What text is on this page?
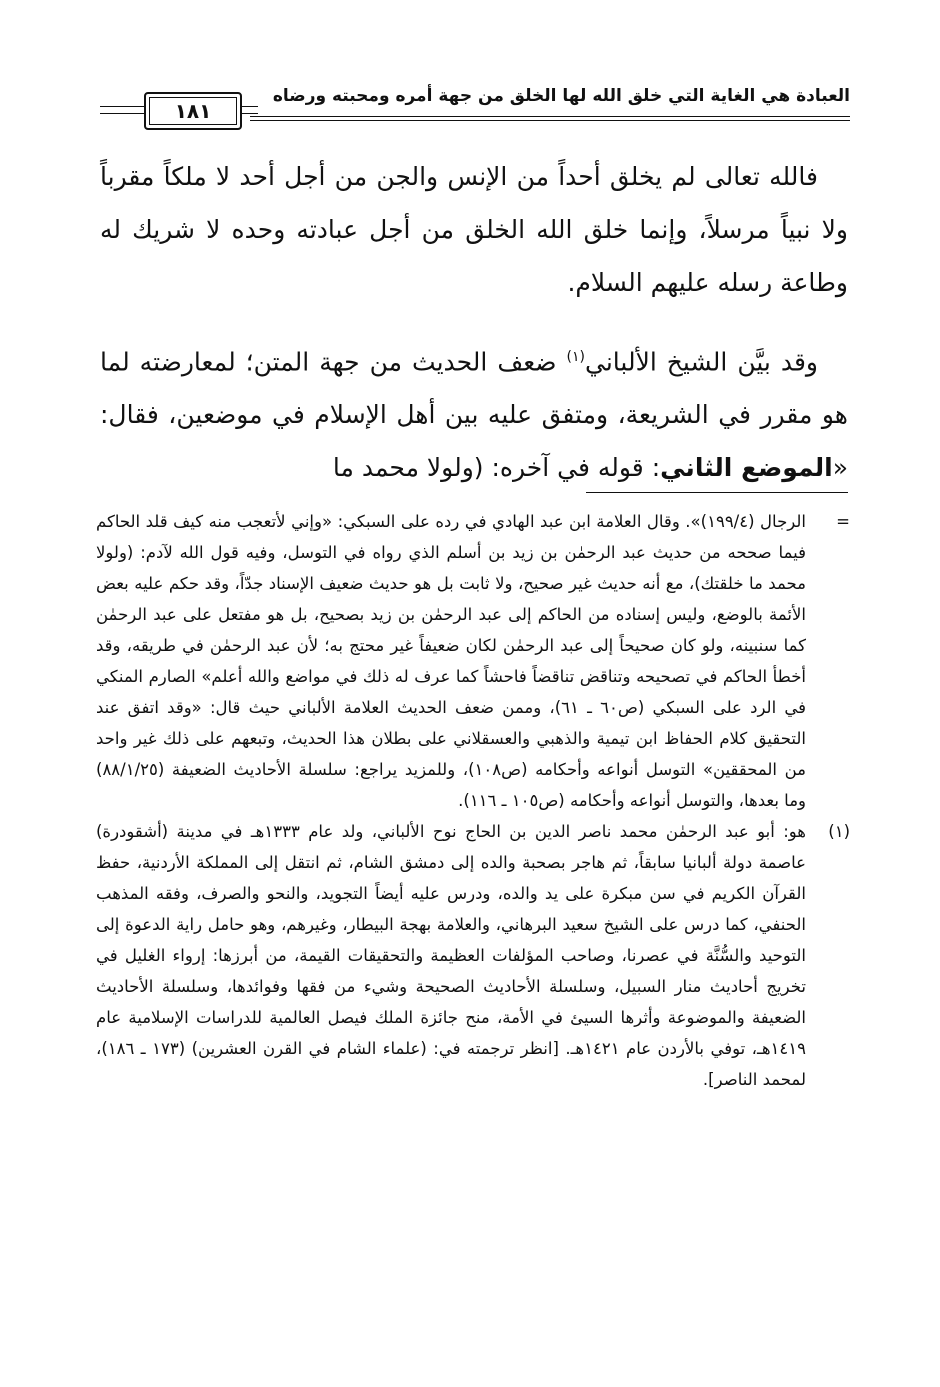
١٨١
العبادة هي الغاية التي خلق الله لها الخلق من جهة أمره ومحبته ورضاه

فالله تعالى لم يخلق أحداً من الإنس والجن من أجل أحد لا ملكاً مقرباً ولا نبياً مرسلاً، وإنما خلق الله الخلق من أجل عبادته وحده لا شريك له وطاعة رسله عليهم السلام.

وقد بيَّن الشيخ الألباني$^{(١)}$ ضعف الحديث من جهة المتن؛ لمعارضته لما هو مقرر في الشريعة، ومتفق عليه بين أهل الإسلام في موضعين، فقال: «الموضع الثاني: قوله في آخره: (ولولا محمد ما

=
الرجال (١٩٩/٤)». وقال العلامة ابن عبد الهادي في رده على السبكي: «وإني لأتعجب منه كيف قلد الحاكم فيما صححه من حديث عبد الرحمٰن بن زيد بن أسلم الذي رواه في التوسل، وفيه قول الله لآدم: (ولولا محمد ما خلقتك)، مع أنه حديث غير صحيح، ولا ثابت بل هو حديث ضعيف الإسناد جدّاً، وقد حكم عليه بعض الأئمة بالوضع، وليس إسناده من الحاكم إلى عبد الرحمٰن بن زيد بصحيح، بل هو مفتعل على عبد الرحمٰن كما سنبينه، ولو كان صحيحاً إلى عبد الرحمٰن لكان ضعيفاً غير محتج به؛ لأن عبد الرحمٰن في طريقه، وقد أخطأ الحاكم في تصحيحه وتناقض تناقضاً فاحشاً كما عرف له ذلك في مواضع والله أعلم» الصارم المنكي في الرد على السبكي (ص٦٠ ـ ٦١)، وممن ضعف الحديث العلامة الألباني حيث قال: «وقد اتفق عند التحقيق كلام الحفاظ ابن تيمية والذهبي والعسقلاني على بطلان هذا الحديث، وتبعهم على ذلك غير واحد من المحققين» التوسل أنواعه وأحكامه (ص١٠٨)، وللمزيد يراجع: سلسلة الأحاديث الضعيفة (٨٨/١/٢٥) وما بعدها، والتوسل أنواعه وأحكامه (ص١٠٥ ـ ١١٦).
(١)
هو: أبو عبد الرحمٰن محمد ناصر الدين بن الحاج نوح الألباني، ولد عام ١٣٣٣هـ في مدينة (أشقودرة) عاصمة دولة ألبانيا سابقاً، ثم هاجر بصحبة والده إلى دمشق الشام، ثم انتقل إلى المملكة الأردنية، حفظ القرآن الكريم في سن مبكرة على يد والده، ودرس عليه أيضاً التجويد، والنحو والصرف، وفقه المذهب الحنفي، كما درس على الشيخ سعيد البرهاني، والعلامة بهجة البيطار، وغيرهم، وهو حامل راية الدعوة إلى التوحيد والسُّنَّة في عصرنا، وصاحب المؤلفات العظيمة والتحقيقات القيمة، من أبرزها: إرواء الغليل في تخريج أحاديث منار السبيل، وسلسلة الأحاديث الصحيحة وشيء من فقها وفوائدها، وسلسلة الأحاديث الضعيفة والموضوعة وأثرها السيئ في الأمة، منح جائزة الملك فيصل العالمية للدراسات الإسلامية عام ١٤١٩هـ، توفي بالأردن عام ١٤٢١هـ. [انظر ترجمته في: (علماء الشام في القرن العشرين) (١٧٣ ـ ١٨٦)، لمحمد الناصر].
